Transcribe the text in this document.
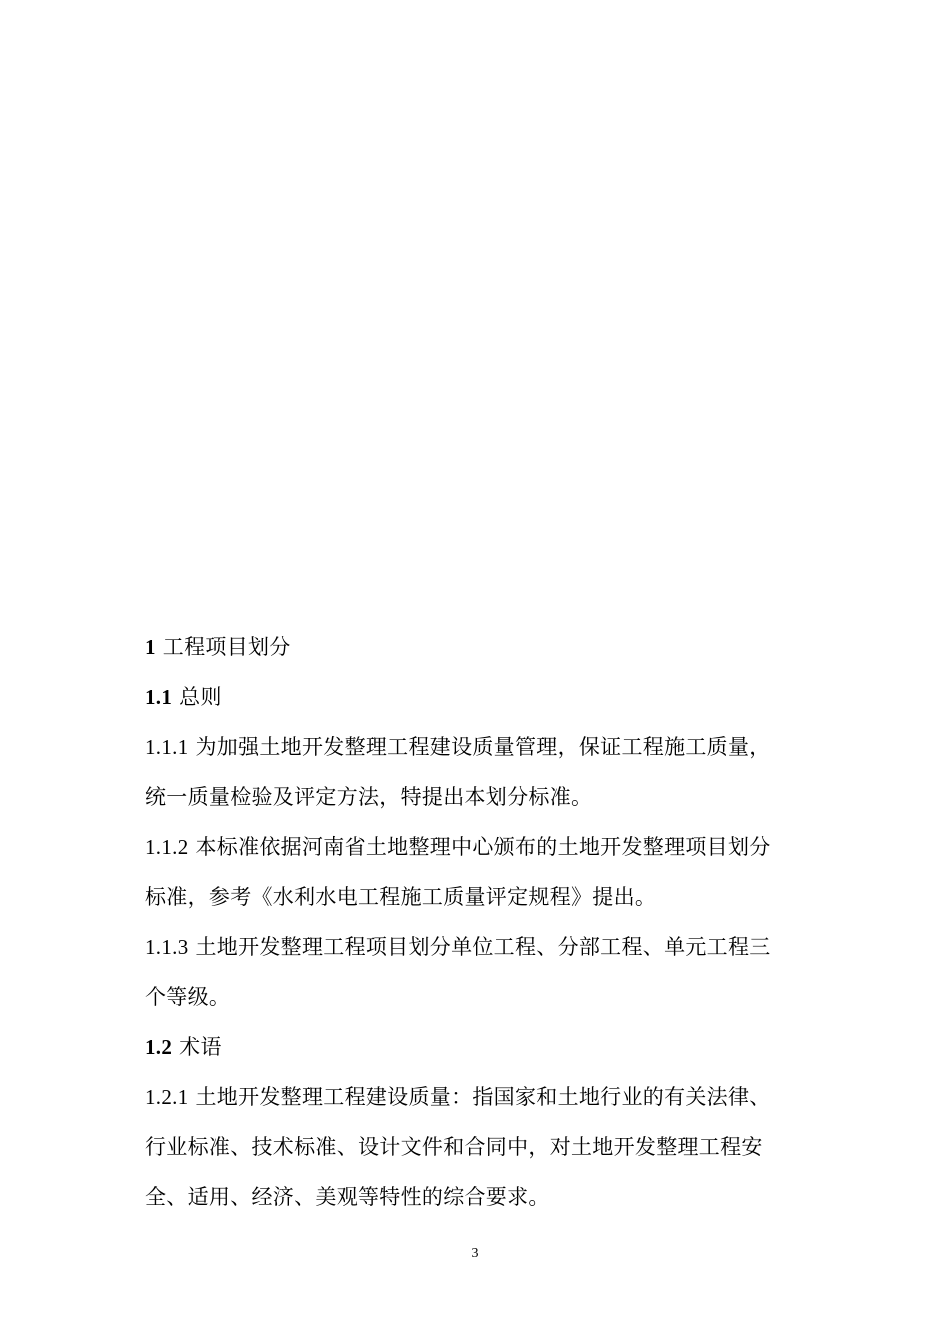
1 工程项目划分
1.1 总则
1.1.1 为加强土地开发整理工程建设质量管理，保证工程施工质量，
统一质量检验及评定方法，特提出本划分标准。
1.1.2 本标准依据河南省土地整理中心颁布的土地开发整理项目划分
标准，参考《水利水电工程施工质量评定规程》提出。
1.1.3 土地开发整理工程项目划分单位工程、分部工程、单元工程三
个等级。
1.2 术语
1.2.1 土地开发整理工程建设质量：指国家和土地行业的有关法律、
行业标准、技术标准、设计文件和合同中，对土地开发整理工程安
全、适用、经济、美观等特性的综合要求。
3
